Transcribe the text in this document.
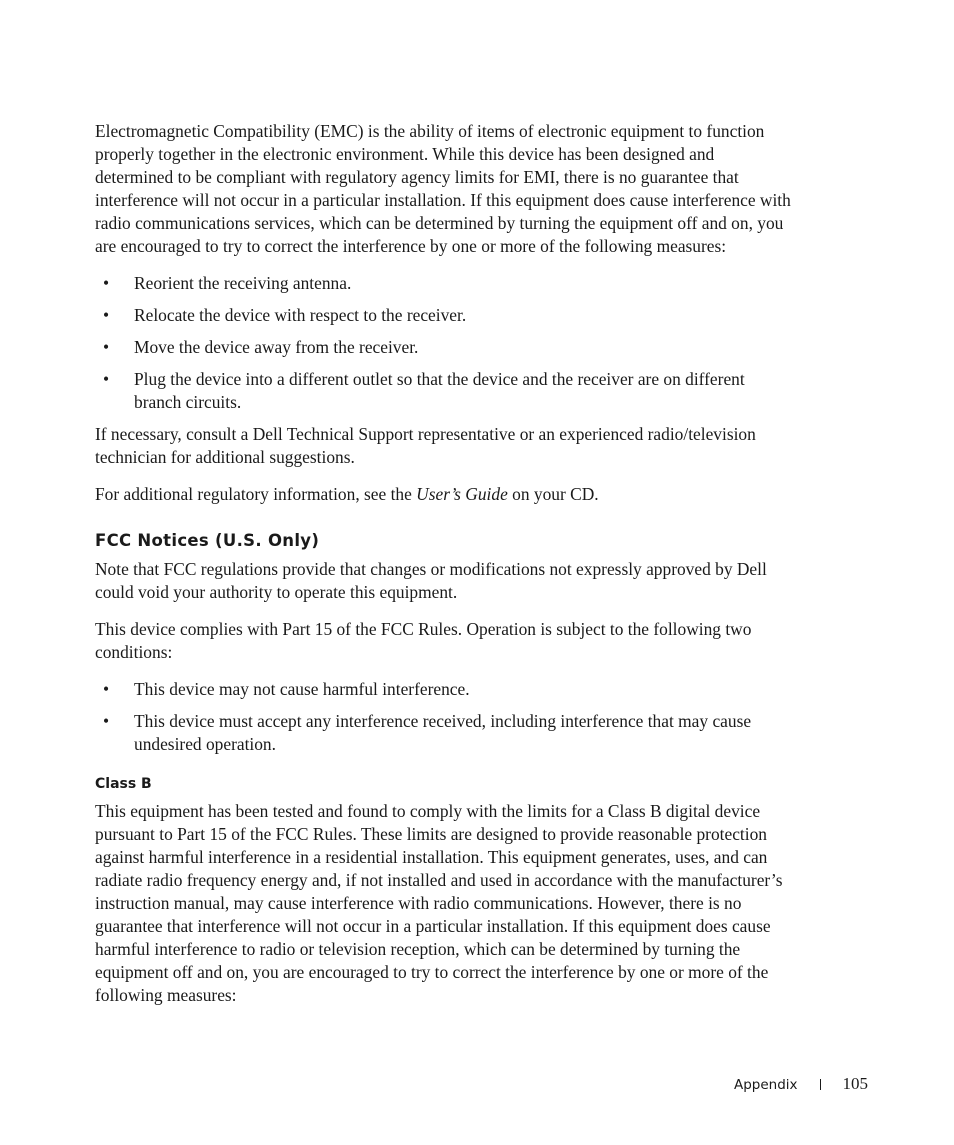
Electromagnetic Compatibility (EMC) is the ability of items of electronic equipment to function properly together in the electronic environment. While this device has been designed and determined to be compliant with regulatory agency limits for EMI, there is no guarantee that interference will not occur in a particular installation. If this equipment does cause interference with radio communications services, which can be determined by turning the equipment off and on, you are encouraged to try to correct the interference by one or more of the following measures:

• Reorient the receiving antenna.
• Relocate the device with respect to the receiver.
• Move the device away from the receiver.
• Plug the device into a different outlet so that the device and the receiver are on different branch circuits.

If necessary, consult a Dell Technical Support representative or an experienced radio/television technician for additional suggestions.

For additional regulatory information, see the User’s Guide on your CD.

FCC Notices (U.S. Only)

Note that FCC regulations provide that changes or modifications not expressly approved by Dell could void your authority to operate this equipment.

This device complies with Part 15 of the FCC Rules. Operation is subject to the following two conditions:

• This device may not cause harmful interference.
• This device must accept any interference received, including interference that may cause undesired operation.
Class B

This equipment has been tested and found to comply with the limits for a Class B digital device pursuant to Part 15 of the FCC Rules. These limits are designed to provide reasonable protection against harmful interference in a residential installation. This equipment generates, uses, and can radiate radio frequency energy and, if not installed and used in accordance with the manufacturer’s instruction manual, may cause interference with radio communications. However, there is no guarantee that interference will not occur in a particular installation. If this equipment does cause harmful interference to radio or television reception, which can be determined by turning the equipment off and on, you are encouraged to try to correct the interference by one or more of the following measures:

Appendix	105
